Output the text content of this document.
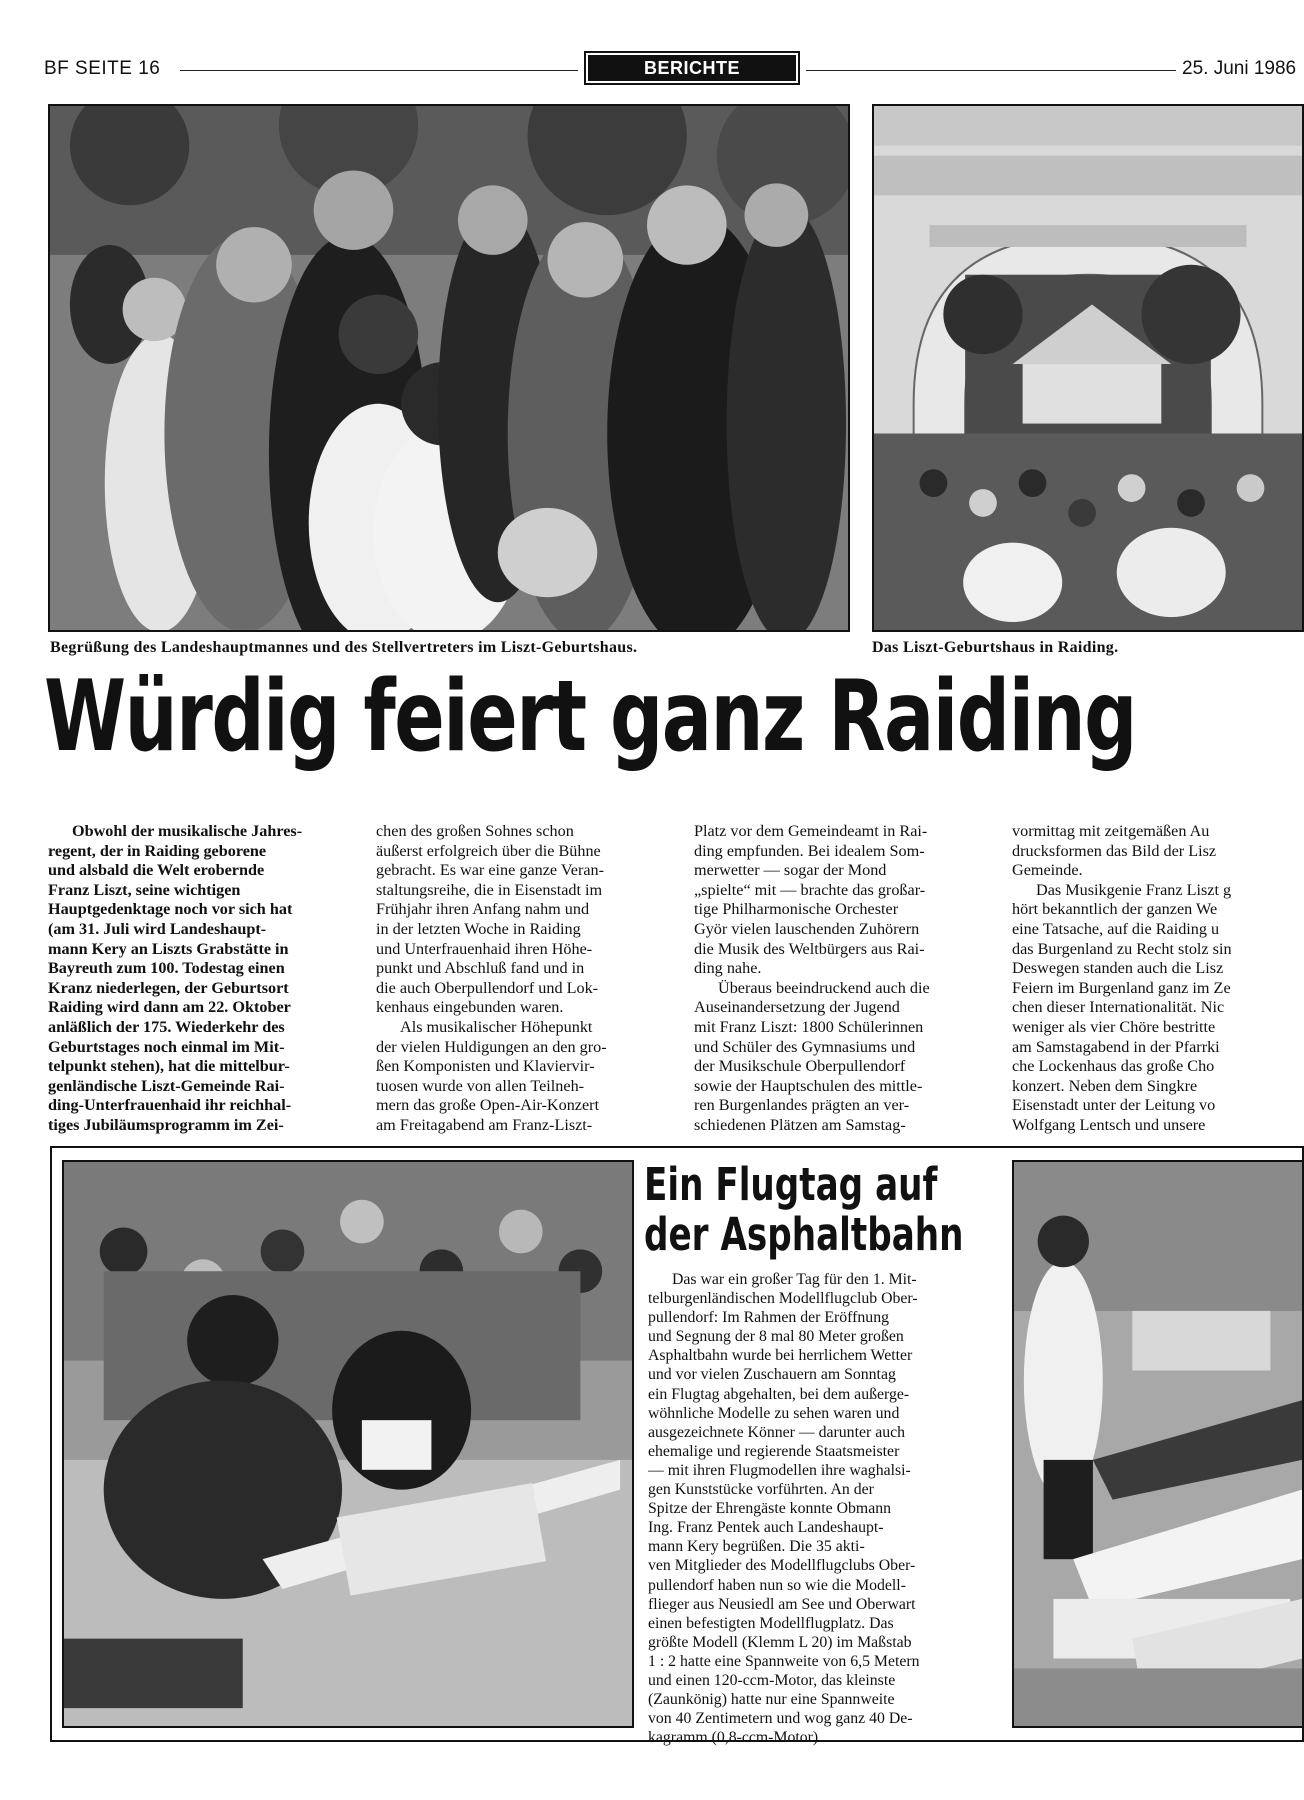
BF SEITE 16	BERICHTE	25. Juni 1986
Begrüßung des Landeshauptmannes und des Stellvertreters im Liszt-Geburtshaus.	Das Liszt-Geburtshaus in Raiding.
Würdig feiert ganz Raiding
Obwohl der musikalische Jahres-
regent, der in Raiding geborene
und alsbald die Welt erobernde
Franz Liszt, seine wichtigen
Hauptgedenktage noch vor sich hat
(am 31. Juli wird Landeshaupt-
mann Kery an Liszts Grabstätte in
Bayreuth zum 100. Todestag einen
Kranz niederlegen, der Geburtsort
Raiding wird dann am 22. Oktober
anläßlich der 175. Wiederkehr des
Geburtstages noch einmal im Mit-
telpunkt stehen), hat die mittelbur-
genländische Liszt-Gemeinde Rai-
ding-Unterfrauenhaid ihr reichhal-
tiges Jubiläumsprogramm im Zei-
chen des großen Sohnes schon
äußerst erfolgreich über die Bühne
gebracht. Es war eine ganze Veran-
staltungsreihe, die in Eisenstadt im
Frühjahr ihren Anfang nahm und
in der letzten Woche in Raiding
und Unterfrauenhaid ihren Höhe-
punkt und Abschluß fand und in
die auch Oberpullendorf und Lok-
kenhaus eingebunden waren.
Als musikalischer Höhepunkt
der vielen Huldigungen an den gro-
ßen Komponisten und Klaviervir-
tuosen wurde von allen Teilneh-
mern das große Open-Air-Konzert
am Freitagabend am Franz-Liszt-
Platz vor dem Gemeindeamt in Rai-
ding empfunden. Bei idealem Som-
merwetter — sogar der Mond
„spielte“ mit — brachte das großar-
tige Philharmonische Orchester
Györ vielen lauschenden Zuhörern
die Musik des Weltbürgers aus Rai-
ding nahe.
Überaus beeindruckend auch die
Auseinandersetzung der Jugend
mit Franz Liszt: 1800 Schülerinnen
und Schüler des Gymnasiums und
der Musikschule Oberpullendorf
sowie der Hauptschulen des mittle-
ren Burgenlandes prägten an ver-
schiedenen Plätzen am Samstag-
vormittag mit zeitgemäßen Au
drucksformen das Bild der Lisz
Gemeinde.
Das Musikgenie Franz Liszt g
hört bekanntlich der ganzen We
eine Tatsache, auf die Raiding u
das Burgenland zu Recht stolz sin
Deswegen standen auch die Lisz
Feiern im Burgenland ganz im Ze
chen dieser Internationalität. Nic
weniger als vier Chöre bestritte
am Samstagabend in der Pfarrki
che Lockenhaus das große Cho
konzert. Neben dem Singkre
Eisenstadt unter der Leitung vo
Wolfgang Lentsch und unsere
Ein Flugtag auf
der Asphaltbahn
Das war ein großer Tag für den 1. Mit-
telburgenländischen Modellflugclub Ober-
pullendorf: Im Rahmen der Eröffnung
und Segnung der 8 mal 80 Meter großen
Asphaltbahn wurde bei herrlichem Wetter
und vor vielen Zuschauern am Sonntag
ein Flugtag abgehalten, bei dem außerge-
wöhnliche Modelle zu sehen waren und
ausgezeichnete Könner — darunter auch
ehemalige und regierende Staatsmeister
— mit ihren Flugmodellen ihre waghalsi-
gen Kunststücke vorführten. An der
Spitze der Ehrengäste konnte Obmann
Ing. Franz Pentek auch Landeshaupt-
mann Kery begrüßen. Die 35 akti-
ven Mitglieder des Modellflugclubs Ober-
pullendorf haben nun so wie die Modell-
flieger aus Neusiedl am See und Oberwart
einen befestigten Modellflugplatz. Das
größte Modell (Klemm L 20) im Maßstab
1 : 2 hatte eine Spannweite von 6,5 Metern
und einen 120-ccm-Motor, das kleinste
(Zaunkönig) hatte nur eine Spannweite
von 40 Zentimetern und wog ganz 40 De-
kagramm (0,8-ccm-Motor).
